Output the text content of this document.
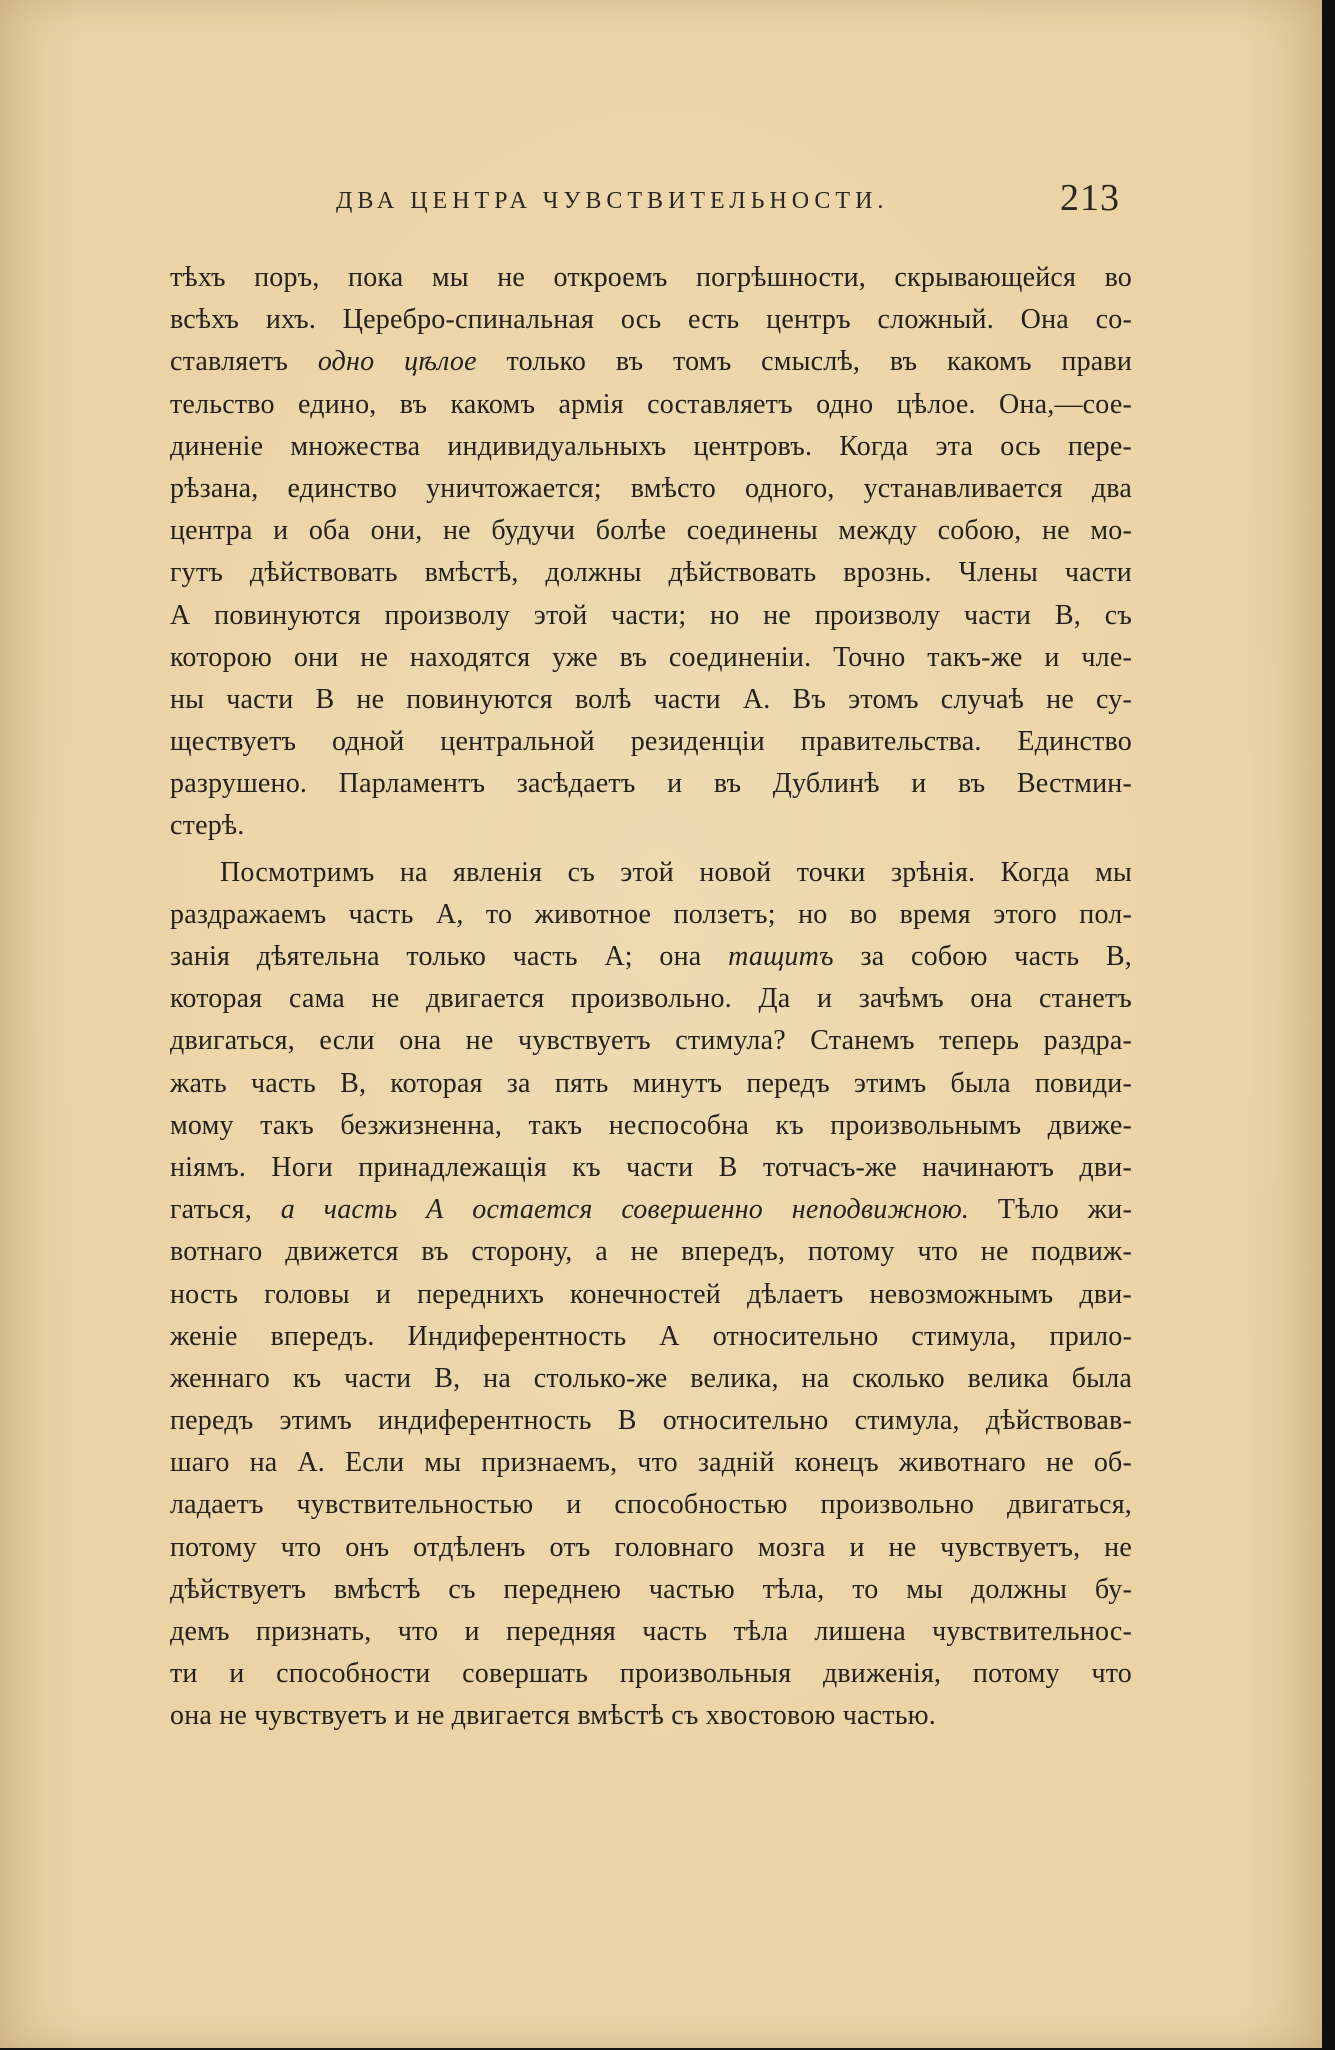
ДВА ЦЕНТРА ЧУВСТВИТЕЛЬНОСТИ.	213
тѣхъ поръ, пока мы не откроемъ погрѣшности, скрывающейся во
всѣхъ ихъ. Церебро-спинальная ось есть центръ сложный. Она со-
ставляетъ одно цѣлое только въ томъ смыслѣ, въ какомъ прави
тельство едино, въ какомъ армія составляетъ одно цѣлое. Она,—сое-
диненіе множества индивидуальныхъ центровъ. Когда эта ось пере-
рѣзана, единство уничтожается; вмѣсто одного, устанавливается два
центра и оба они, не будучи болѣе соединены между собою, не мо-
гутъ дѣйствовать вмѣстѣ, должны дѣйствовать врознь. Члены части
А повинуются произволу этой части; но не произволу части В, съ
которою они не находятся уже въ соединеніи. Точно такъ-же и чле-
ны части В не повинуются волѣ части А. Въ этомъ случаѣ не су-
ществуетъ одной центральной резиденціи правительства. Единство
разрушено. Парламентъ засѣдаетъ и въ Дублинѣ и въ Вестмин-
стерѣ.
Посмотримъ на явленія съ этой новой точки зрѣнія. Когда мы
раздражаемъ часть А, то животное ползетъ; но во время этого пол-
занія дѣятельна только часть А; она тащитъ за собою часть В,
которая сама не двигается произвольно. Да и зачѣмъ она станетъ
двигаться, если она не чувствуетъ стимула? Станемъ теперь раздра-
жать часть В, которая за пять минутъ передъ этимъ была повиди-
мому такъ безжизненна, такъ неспособна къ произвольнымъ движе-
ніямъ. Ноги принадлежащія къ части В тотчасъ-же начинаютъ дви-
гаться, а часть А остается совершенно неподвижною. Тѣло жи-
вотнаго движется въ сторону, а не впередъ, потому что не подвиж-
ность головы и переднихъ конечностей дѣлаетъ невозможнымъ дви-
женіе впередъ. Индиферентность А относительно стимула, прило-
женнаго къ части В, на столько-же велика, на сколько велика была
передъ этимъ индиферентность В относительно стимула, дѣйствовав-
шаго на А. Если мы признаемъ, что задній конецъ животнаго не об-
ладаетъ чувствительностью и способностью произвольно двигаться,
потому что онъ отдѣленъ отъ головнаго мозга и не чувствуетъ, не
дѣйствуетъ вмѣстѣ съ переднею частью тѣла, то мы должны бу-
демъ признать, что и передняя часть тѣла лишена чувствительнос-
ти и способности совершать произвольныя движенія, потому что
она не чувствуетъ и не двигается вмѣстѣ съ хвостовою частью.
